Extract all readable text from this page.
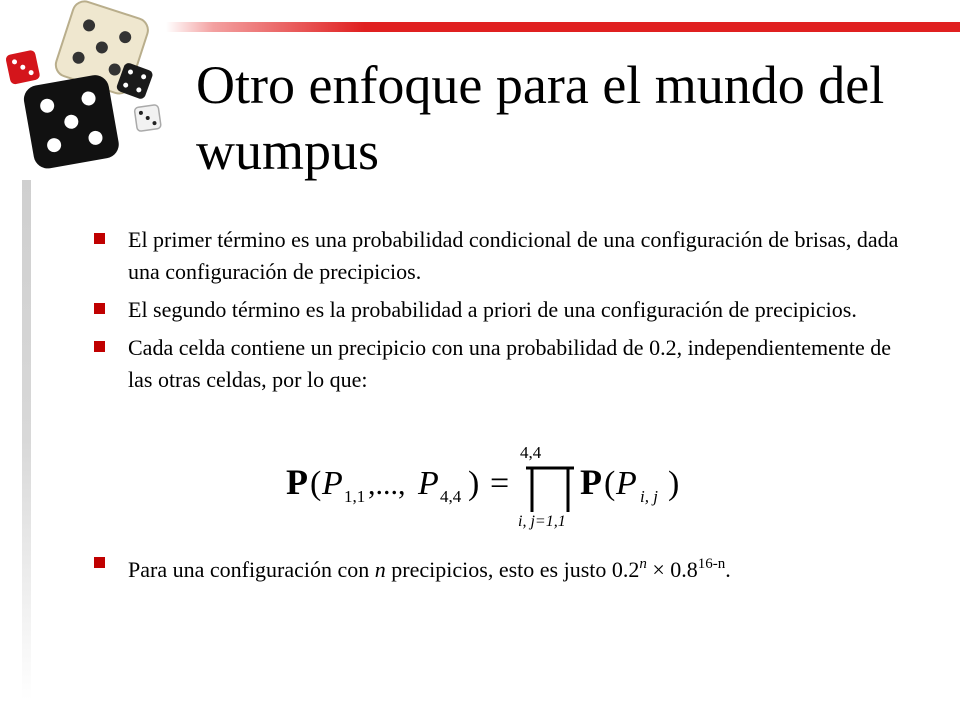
Otro enfoque para el mundo del wumpus
El primer término es una probabilidad condicional de una configuración de brisas, dada una configuración de precipicios.
El segundo término es la probabilidad a priori de una configuración de precipicios.
Cada celda contiene un precipicio con una probabilidad de 0.2, independientemente de las otras celdas, por lo que:
P ( P 1,1 ,..., P 4,4 ) =
4,4
i, j=1,1
P ( P i, j )
Para una configuración con n precipicios, esto es justo $0.2^n \times 0.8^{16-n}$.
